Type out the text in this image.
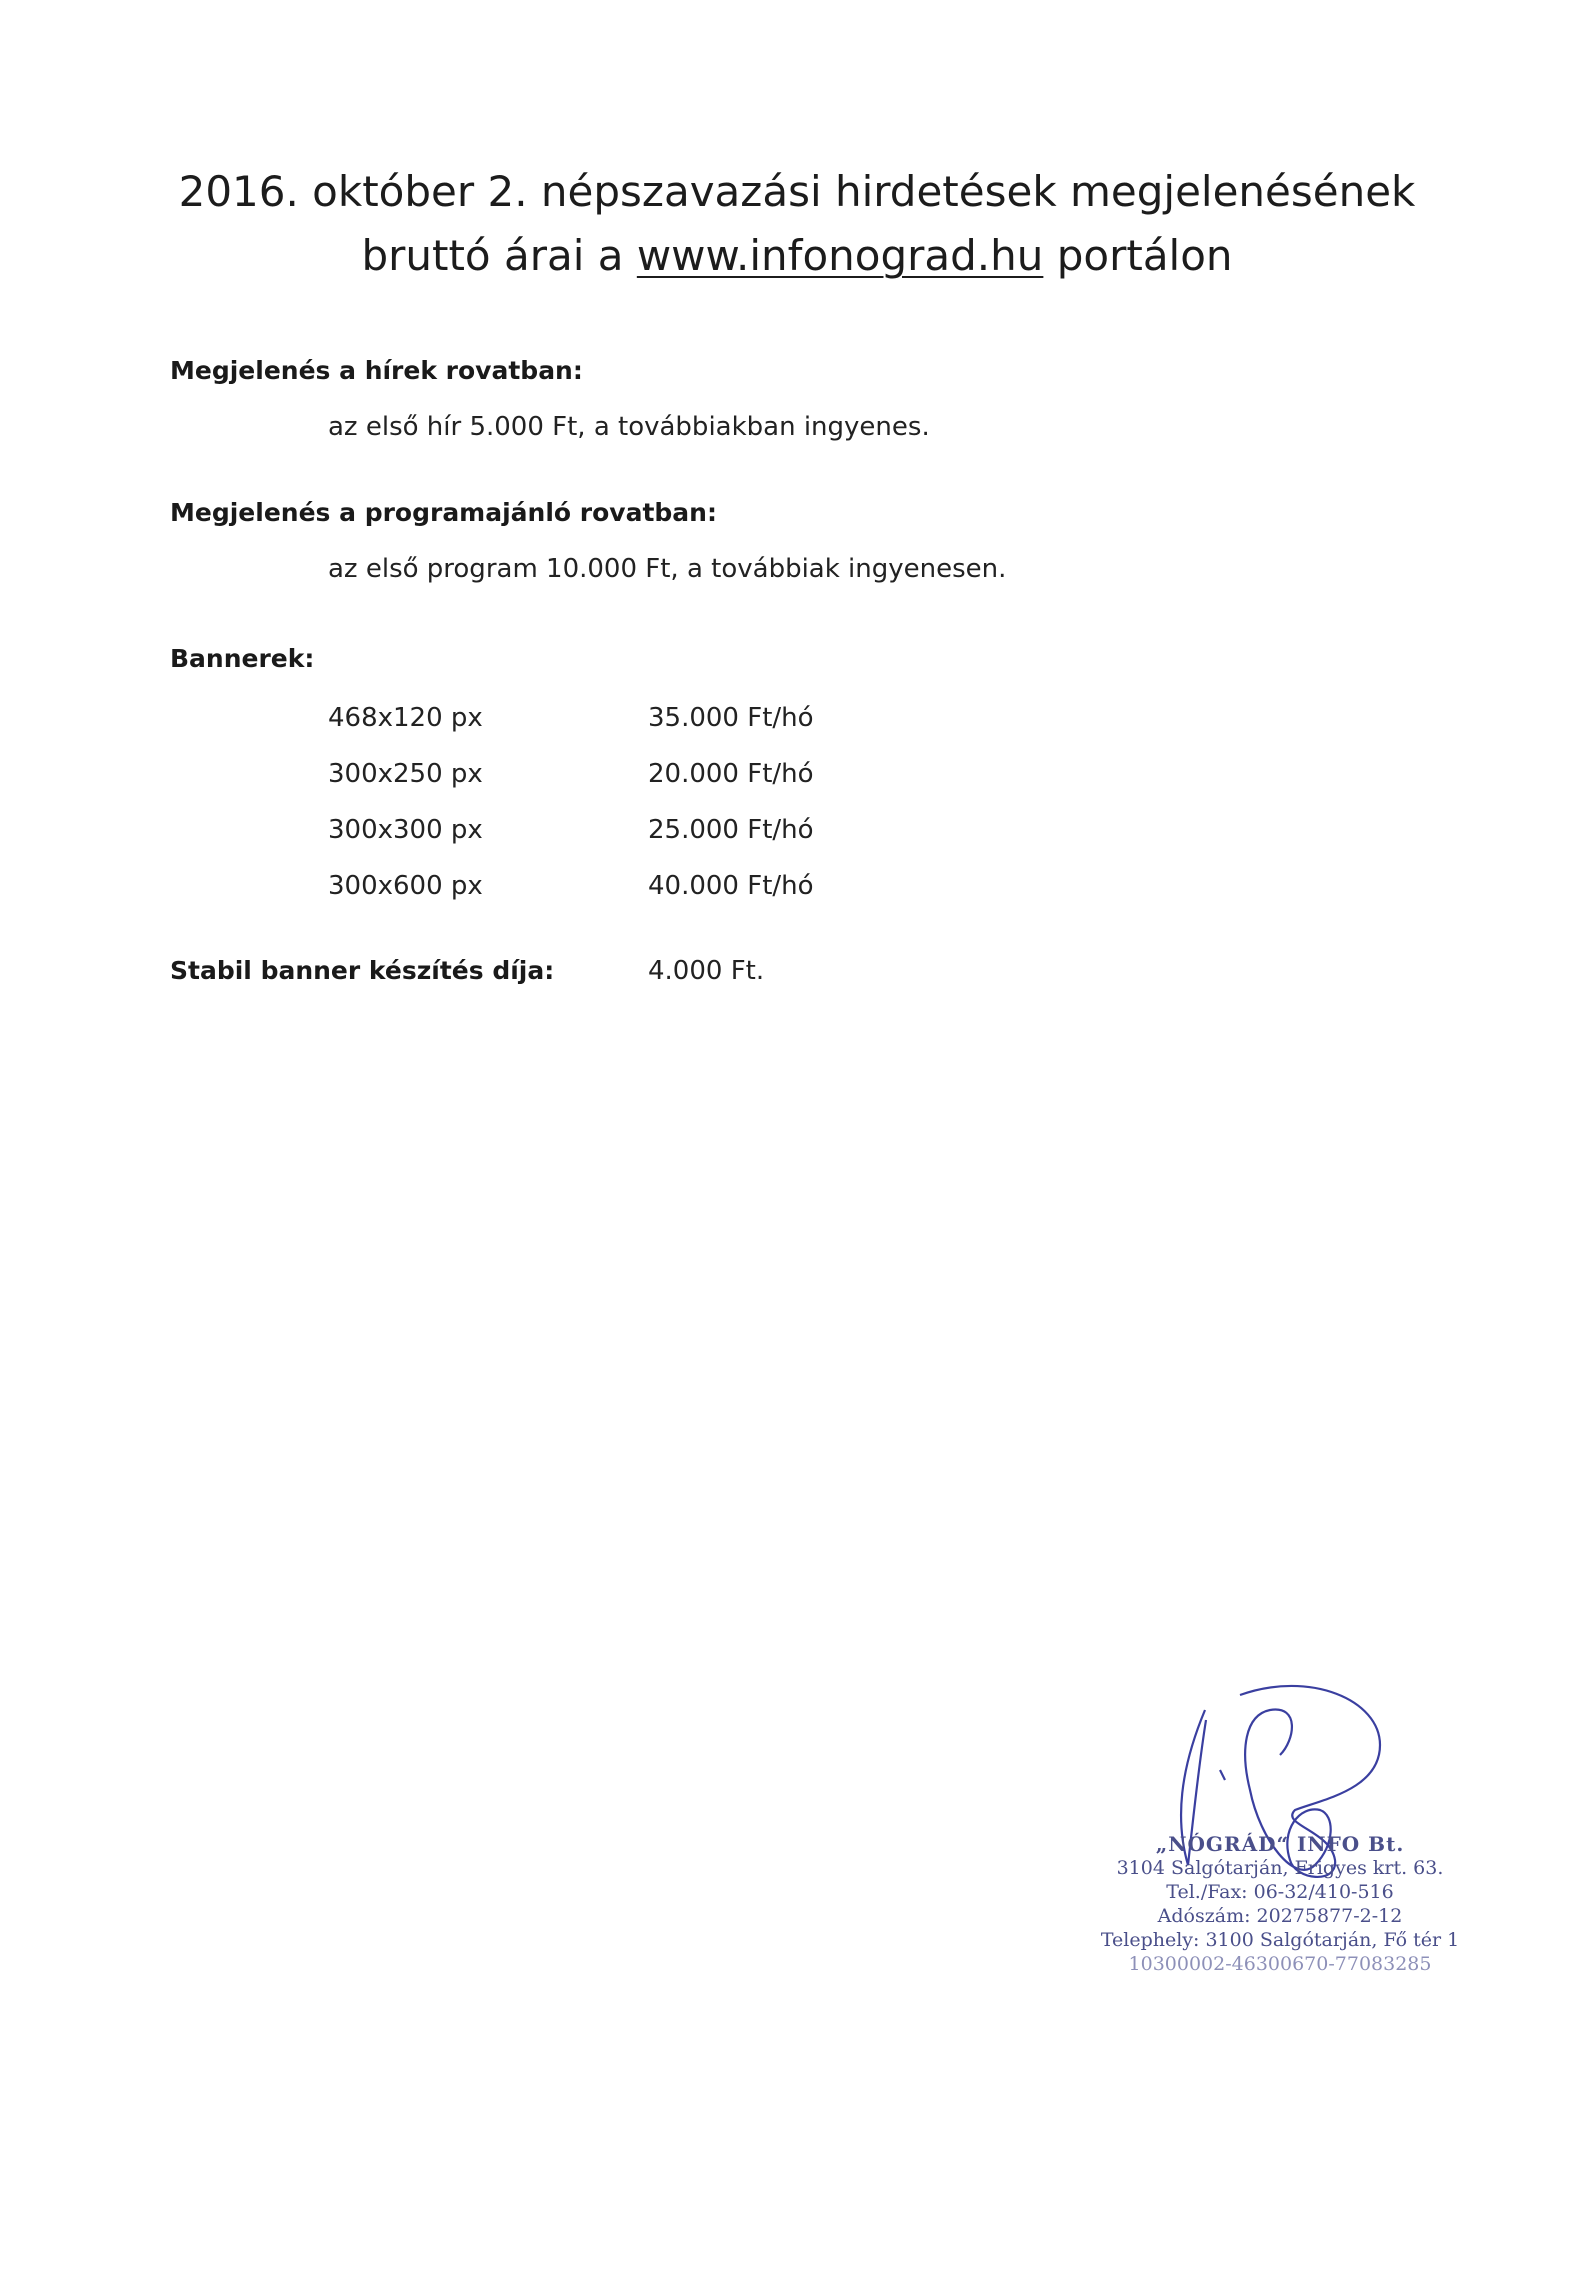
2016. október 2. népszavazási hirdetések megjelenésének
bruttó árai a www.infonograd.hu portálon
Megjelenés a hírek rovatban:
az első hír 5.000 Ft, a továbbiakban ingyenes.
Megjelenés a programajánló rovatban:
az első program 10.000 Ft, a továbbiak ingyenesen.
Bannerek:
468x120 px	35.000 Ft/hó
300x250 px	20.000 Ft/hó
300x300 px	25.000 Ft/hó
300x600 px	40.000 Ft/hó
Stabil banner készítés díja:	4.000 Ft.
„NÓGRÁD“ INFO Bt.
3104 Salgótarján, Frigyes krt. 63.
Tel./Fax: 06-32/410-516
Adószám: 20275877-2-12
Telephely: 3100 Salgótarján, Fő tér 1
10300002-46300670-77083285
